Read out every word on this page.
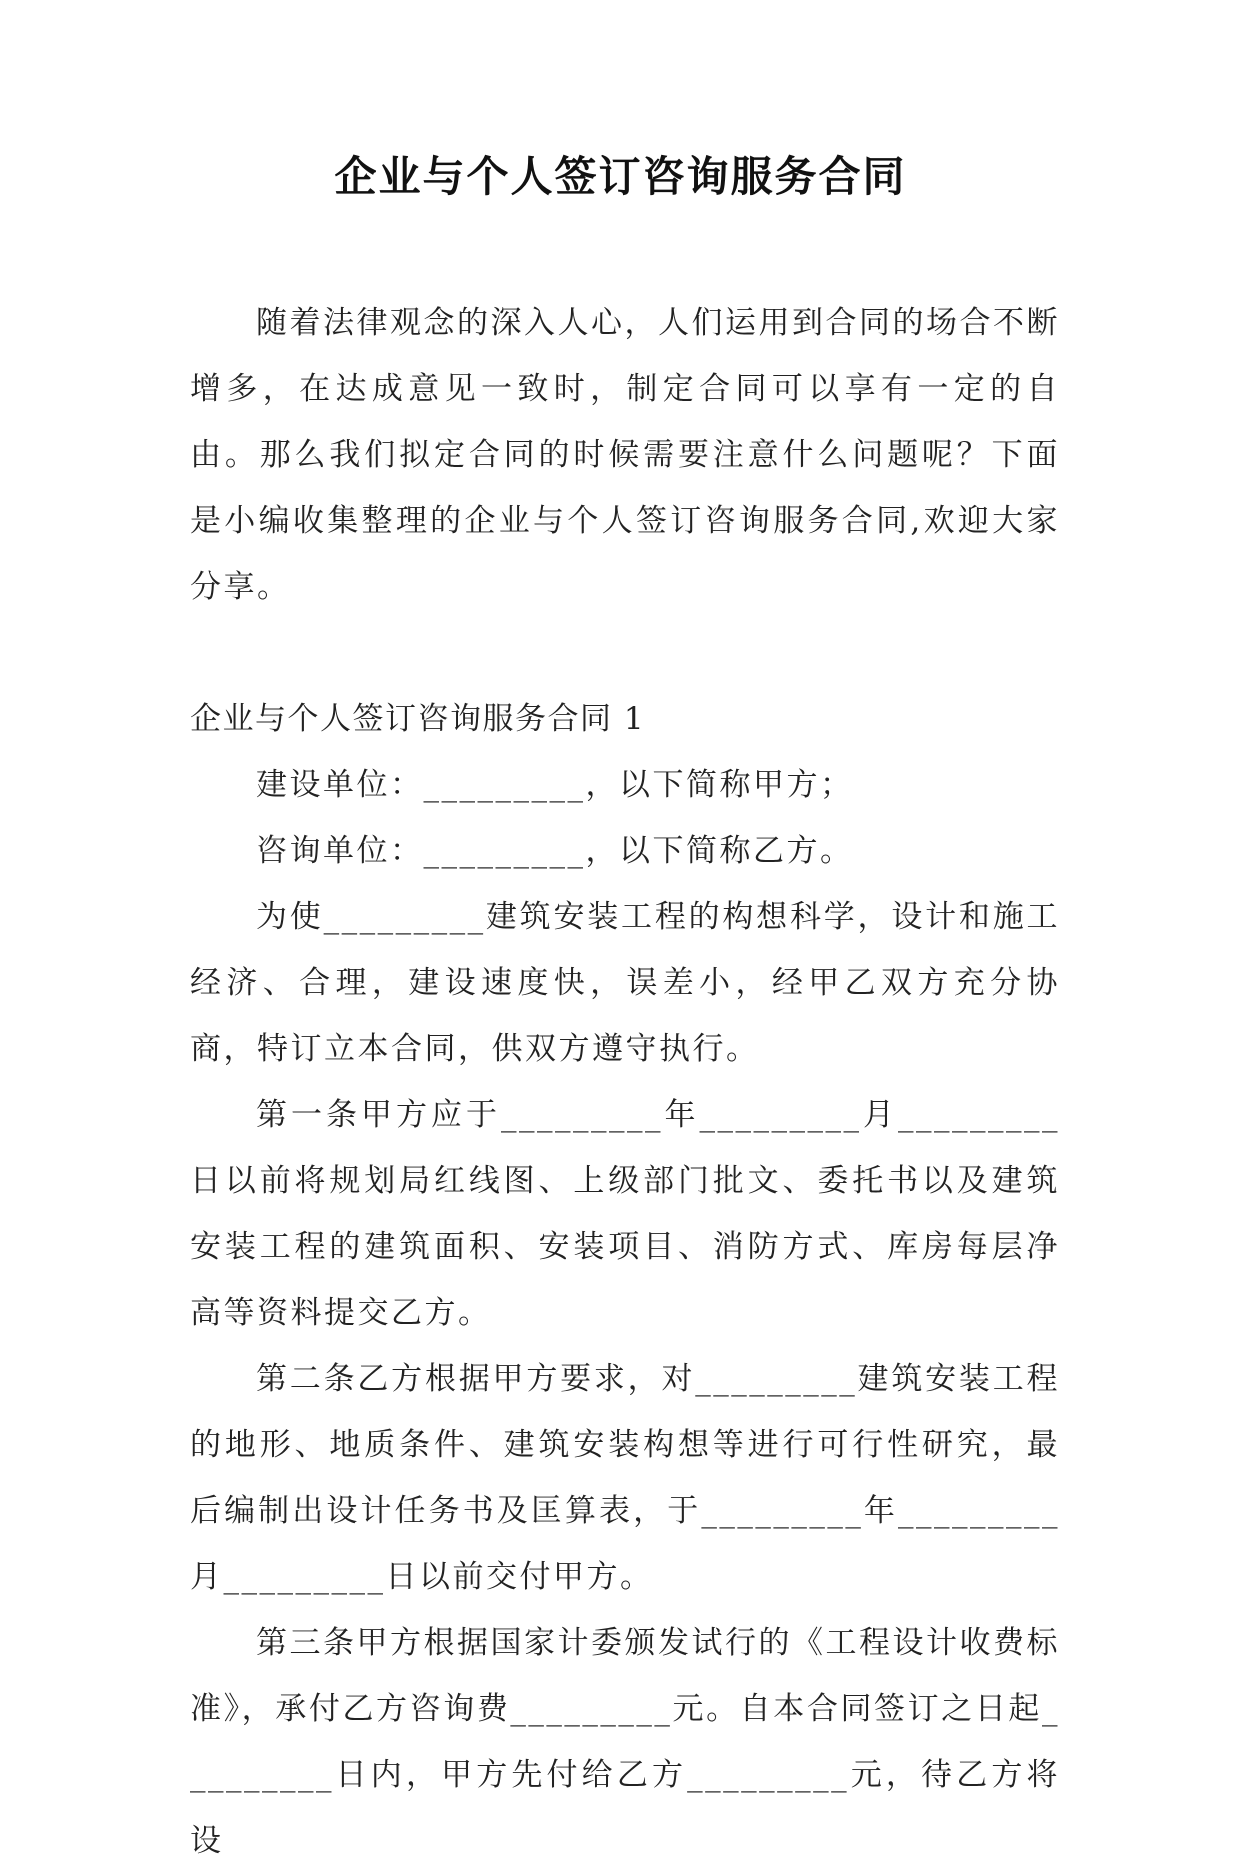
企业与个人签订咨询服务合同

随着法律观念的深入人心，人们运用到合同的场合不断增多，在达成意见一致时，制定合同可以享有一定的自由。那么我们拟定合同的时候需要注意什么问题呢？下面是小编收集整理的企业与个人签订咨询服务合同,欢迎大家分享。

企业与个人签订咨询服务合同 1

建设单位：_________，以下简称甲方；

咨询单位：_________，以下简称乙方。

为使_________建筑安装工程的构想科学，设计和施工经济、合理，建设速度快，误差小，经甲乙双方充分协商，特订立本合同，供双方遵守执行。

第一条甲方应于_________年_________月_________日以前将规划局红线图、上级部门批文、委托书以及建筑安装工程的建筑面积、安装项目、消防方式、库房每层净高等资料提交乙方。

第二条乙方根据甲方要求，对_________建筑安装工程的地形、地质条件、建筑安装构想等进行可行性研究，最后编制出设计任务书及匡算表，于_________年_________月_________日以前交付甲方。

第三条甲方根据国家计委颁发试行的《工程设计收费标准》，承付乙方咨询费_________元。自本合同签订之日起_________日内，甲方先付给乙方_________元，待乙方将设
